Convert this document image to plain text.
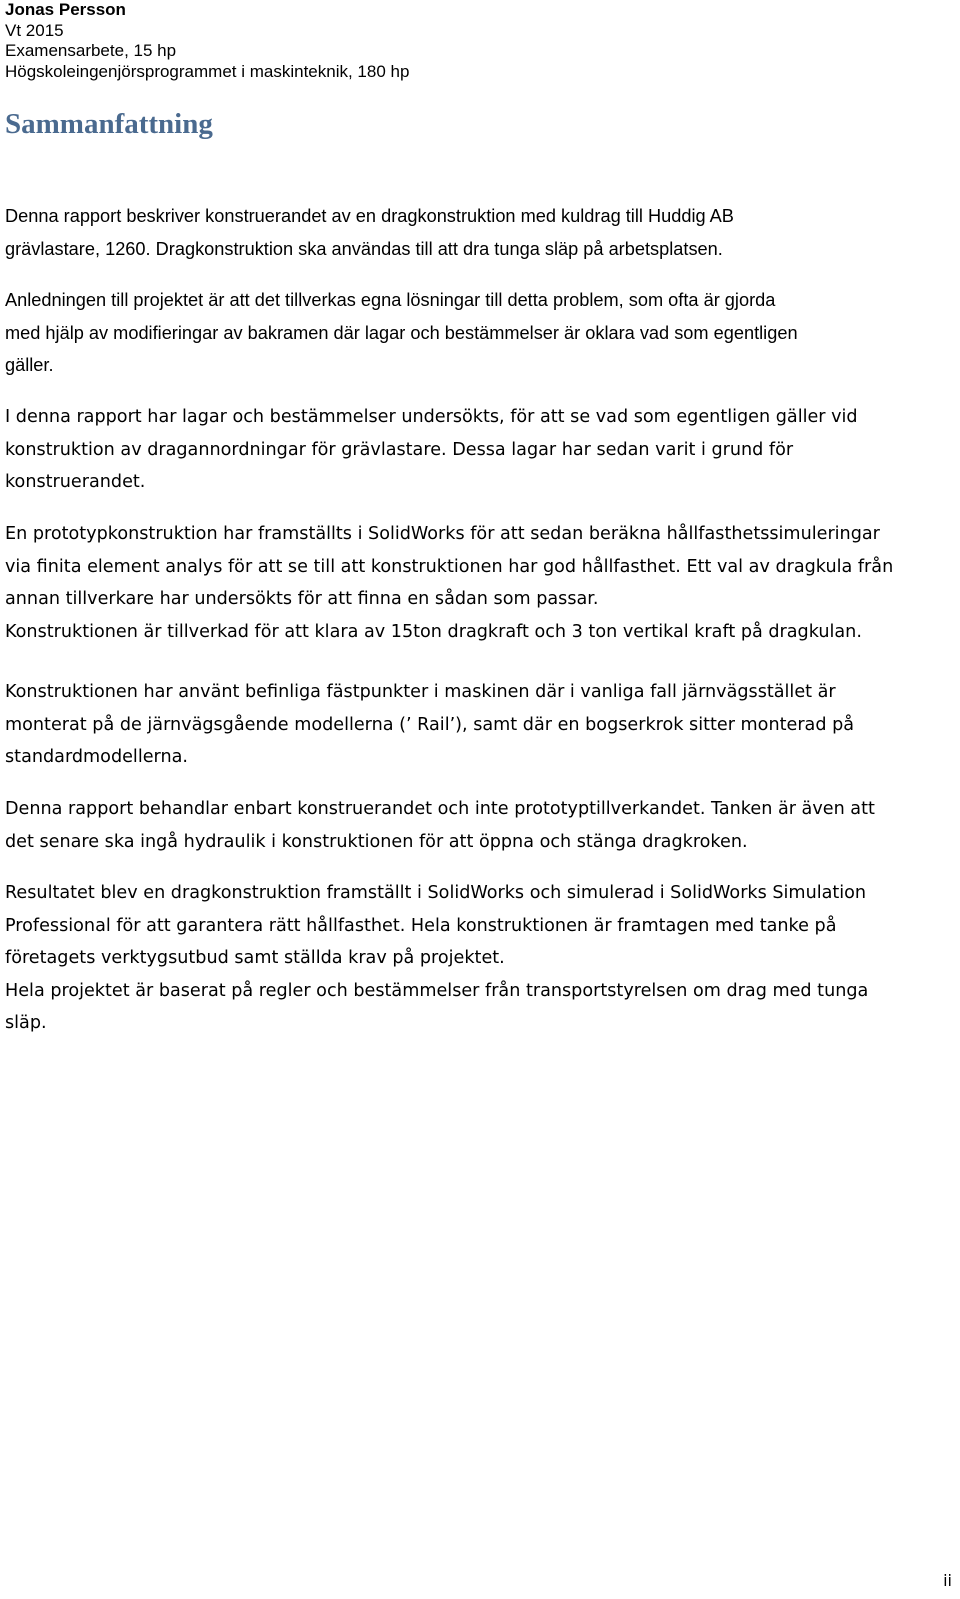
Jonas Persson
Vt 2015
Examensarbete, 15 hp
Högskoleingenjörsprogrammet i maskinteknik, 180 hp
Sammanfattning

Denna rapport beskriver konstruerandet av en dragkonstruktion med kuldrag till Huddig AB
grävlastare, 1260. Dragkonstruktion ska användas till att dra tunga släp på arbetsplatsen.

Anledningen till projektet är att det tillverkas egna lösningar till detta problem, som ofta är gjorda
med hjälp av modifieringar av bakramen där lagar och bestämmelser är oklara vad som egentligen
gäller.

I denna rapport har lagar och bestämmelser undersökts, för att se vad som egentligen gäller vid
konstruktion av dragannordningar för grävlastare. Dessa lagar har sedan varit i grund för
konstruerandet.

En prototypkonstruktion har framställts i SolidWorks för att sedan beräkna hållfasthetssimuleringar
via finita element analys för att se till att konstruktionen har god hållfasthet. Ett val av dragkula från
annan tillverkare har undersökts för att finna en sådan som passar.
Konstruktionen är tillverkad för att klara av 15ton dragkraft och 3 ton vertikal kraft på dragkulan.

Konstruktionen har använt befinliga fästpunkter i maskinen där i vanliga fall järnvägsstället är
monterat på de järnvägsgående modellerna (’ Rail’), samt där en bogserkrok sitter monterad på
standardmodellerna.

Denna rapport behandlar enbart konstruerandet och inte prototyptillverkandet. Tanken är även att
det senare ska ingå hydraulik i konstruktionen för att öppna och stänga dragkroken.

Resultatet blev en dragkonstruktion framställt i SolidWorks och simulerad i SolidWorks Simulation
Professional för att garantera rätt hållfasthet. Hela konstruktionen är framtagen med tanke på
företagets verktygsutbud samt ställda krav på projektet.
Hela projektet är baserat på regler och bestämmelser från transportstyrelsen om drag med tunga
släp.

ii
